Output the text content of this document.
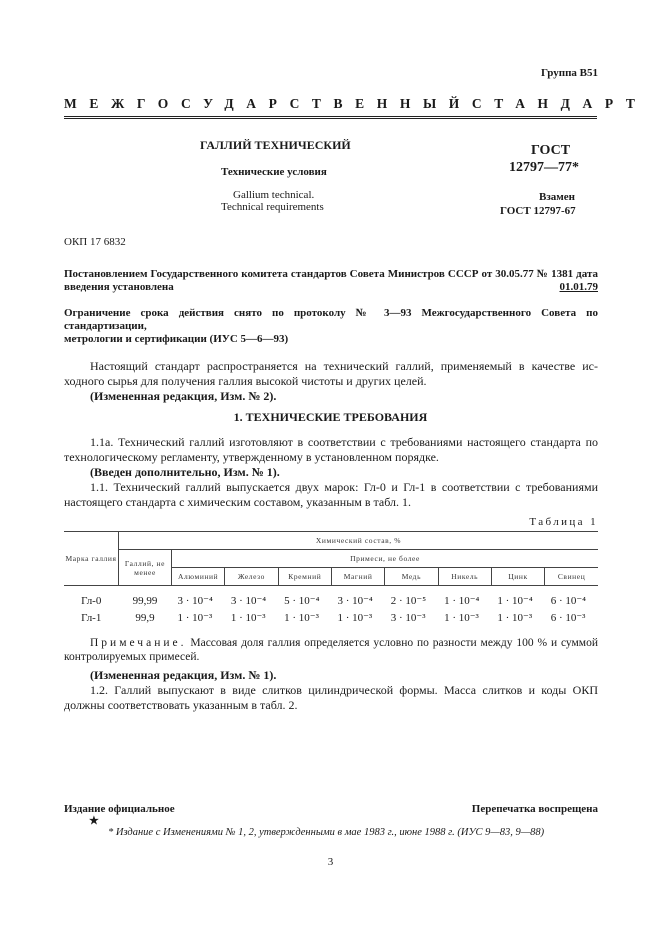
Группа В51
МЕЖГОСУДАРСТВЕННЫЙ СТАНДАРТ
ГАЛЛИЙ ТЕХНИЧЕСКИЙ
Технические условия
Gallium technical.
Technical requirements
ГОСТ
12797—77*
Взамен
ГОСТ 12797-67
ОКП 17 6832
Постановлением Государственного комитета стандартов Совета Министров СССР от 30.05.77 № 1381 дата
введения установлена	01.01.79
Ограничение срока действия снято по протоколу № 3—93 Межгосударственного Совета по стандартизации,
метрологии и сертификации (ИУС 5—6—93)
Настоящий стандарт распространяется на технический галлий, применяемый в качестве ис-
ходного сырья для получения галлия высокой чистоты и других целей.
(Измененная редакция, Изм. № 2).
1. ТЕХНИЧЕСКИЕ ТРЕБОВАНИЯ
1.1а. Технический галлий изготовляют в соответствии с требованиями настоящего стандарта по
технологическому регламенту, утвержденному в установленном порядке.
(Введен дополнительно, Изм. № 1).
1.1. Технический галлий выпускается двух марок: Гл-0 и Гл-1 в соответствии с требованиями
настоящего стандарта с химическим составом, указанным в табл. 1.
Таблица 1
Марка галлия	Химический состав, %								
	Галлий, не менее	Примеси, не более							
		Алюминий	Железо	Кремний	Магний	Медь	Никель	Цинк	Свинец
Гл-0	99,99	3 · 10⁻⁴	3 · 10⁻⁴	5 · 10⁻⁴	3 · 10⁻⁴	2 · 10⁻⁵	1 · 10⁻⁴	1 · 10⁻⁴	6 · 10⁻⁴
Гл-1	99,9	1 · 10⁻³	1 · 10⁻³	1 · 10⁻³	1 · 10⁻³	3 · 10⁻³	1 · 10⁻³	1 · 10⁻³	6 · 10⁻³
Примечание. Массовая доля галлия определяется условно по разности между 100 % и суммой
контролируемых примесей.
(Измененная редакция, Изм. № 1).
1.2. Галлий выпускают в виде слитков цилиндрической формы. Масса слитков и коды ОКП
должны соответствовать указанным в табл. 2.
Издание официальное	Перепечатка воспрещена
★
* Издание с Изменениями № 1, 2, утвержденными в мае 1983 г., июне 1988 г. (ИУС 9—83, 9—88)
3
